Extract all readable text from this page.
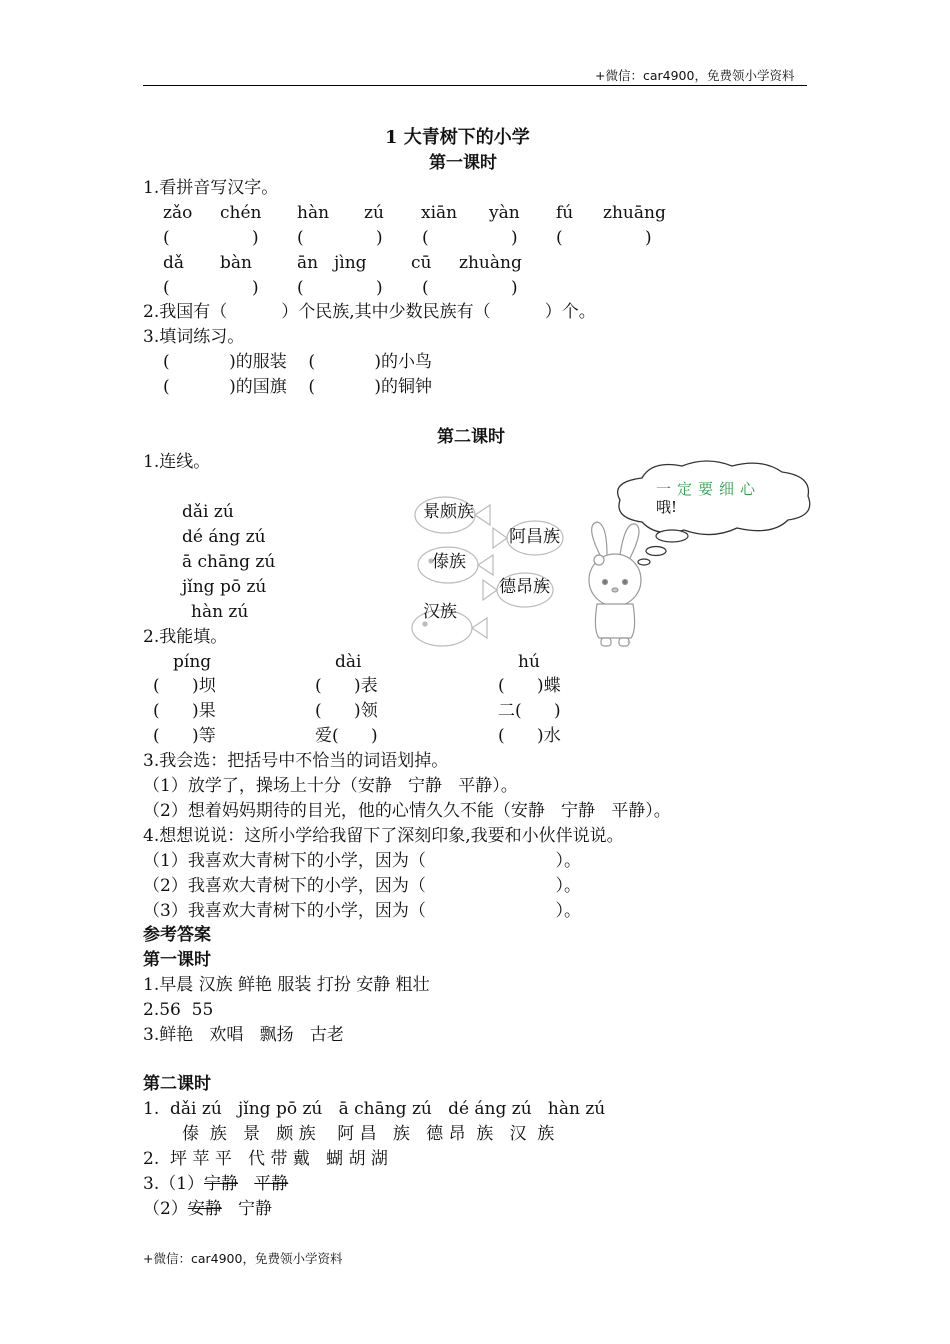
+微信：car4900，免费领小学资料
1 大青树下的小学
第一课时
1.看拼音写汉字。
zǎo chén hàn zú xiān yàn fú zhuāng
(	) (	) (	) (	)
dǎ bàn	ān jìng	cū zhuàng
(	) (	) (	)
2.我国有（          ）个民族,其中少数民族有（          ）个。
3.填词练习。
(           )的服装    (           )的小鸟
(           )的国旗    (           )的铜钟
第二课时
1.连线。
dǎi zú
dé áng zú
ā chāng zú
jǐng pō zú
hàn zú
景颇族
阿昌族
傣族
德昂族
汉族
一定要细心
哦!
~
2.我能填。
píng	dài	hú
(      )坝	(      )表	(      )蝶
(      )果	(      )领	二(      )
(      )等	爱(      )	(      )水
3.我会选：把括号中不恰当的词语划掉。
（1）放学了，操场上十分（安静   宁静   平静）。
（2）想着妈妈期待的目光，他的心情久久不能（安静   宁静   平静）。
4.想想说说：这所小学给我留下了深刻印象,我要和小伙伴说说。
（1）我喜欢大青树下的小学，因为（                        ）。
（2）我喜欢大青树下的小学，因为（                        ）。
（3）我喜欢大青树下的小学，因为（                        ）。
参考答案
第一课时
1.早晨 汉族 鲜艳 服装 打扮 安静 粗壮
2.56  55
3.鲜艳   欢唱   飘扬   古老
第二课时
1.  dǎi zú   jǐng pō zú   ā chāng zú   dé áng zú   hàn zú
傣  族   景   颇 族    阿 昌   族   德 昂  族   汉  族
2.  坪 苹 平   代 带 戴   蝴 胡 湖
3.（1）宁静 平静
（2）安静 宁静
+微信：car4900，免费领小学资料
